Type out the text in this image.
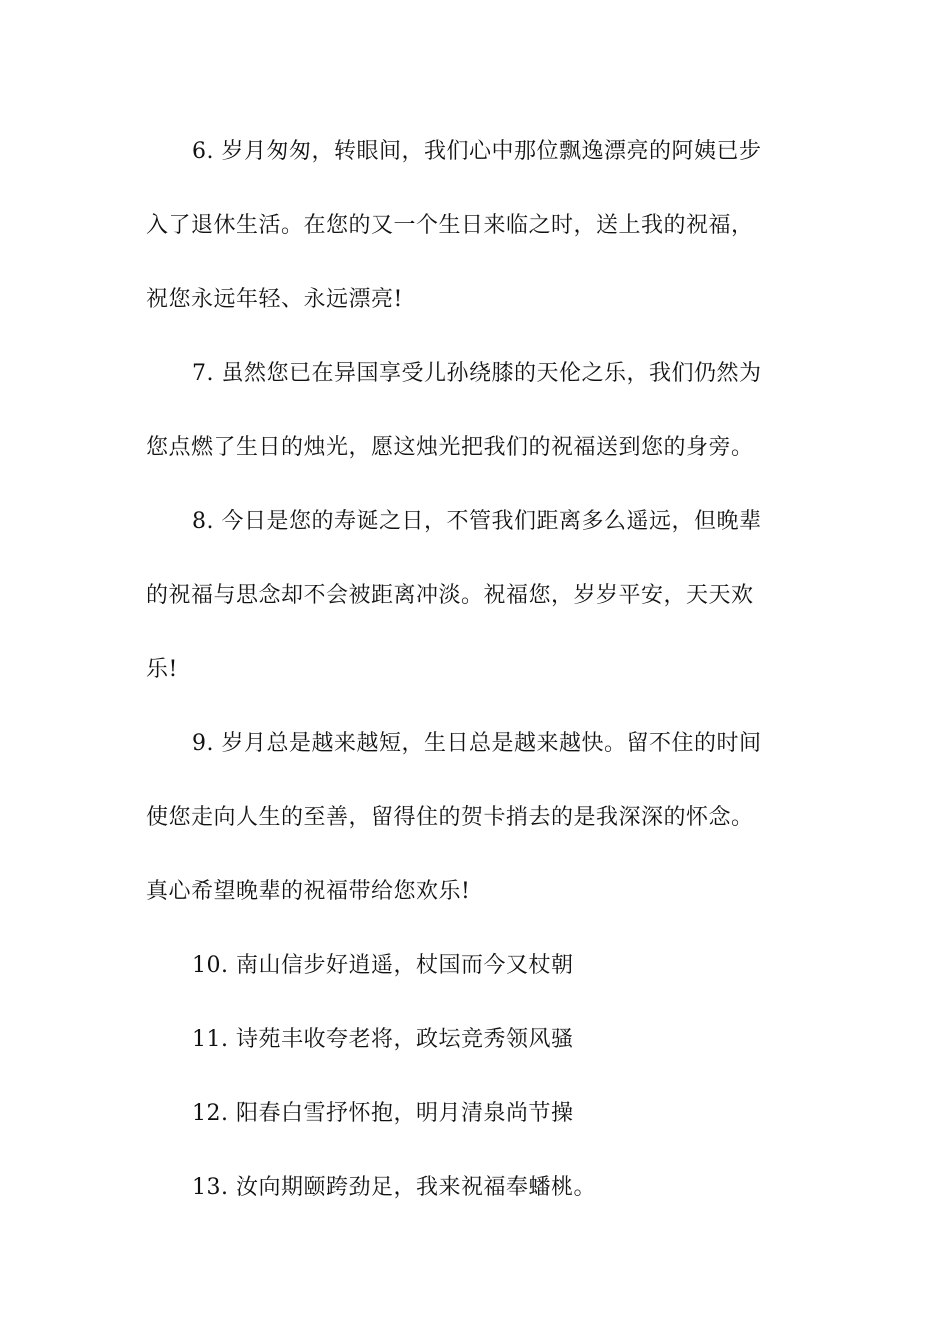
6. 岁月匆匆，转眼间，我们心中那位飘逸漂亮的阿姨已步
入了退休生活。在您的又一个生日来临之时，送上我的祝福，
祝您永远年轻、永远漂亮!
7. 虽然您已在异国享受儿孙绕膝的天伦之乐，我们仍然为
您点燃了生日的烛光，愿这烛光把我们的祝福送到您的身旁。
8. 今日是您的寿诞之日，不管我们距离多么遥远，但晚辈
的祝福与思念却不会被距离冲淡。祝福您，岁岁平安，天天欢
乐!
9. 岁月总是越来越短，生日总是越来越快。留不住的时间
使您走向人生的至善，留得住的贺卡捎去的是我深深的怀念。
真心希望晚辈的祝福带给您欢乐!
10. 南山信步好逍遥，杖国而今又杖朝
11. 诗苑丰收夸老将，政坛竞秀领风骚
12. 阳春白雪抒怀抱，明月清泉尚节操
13. 汝向期颐跨劲足，我来祝福奉蟠桃。
